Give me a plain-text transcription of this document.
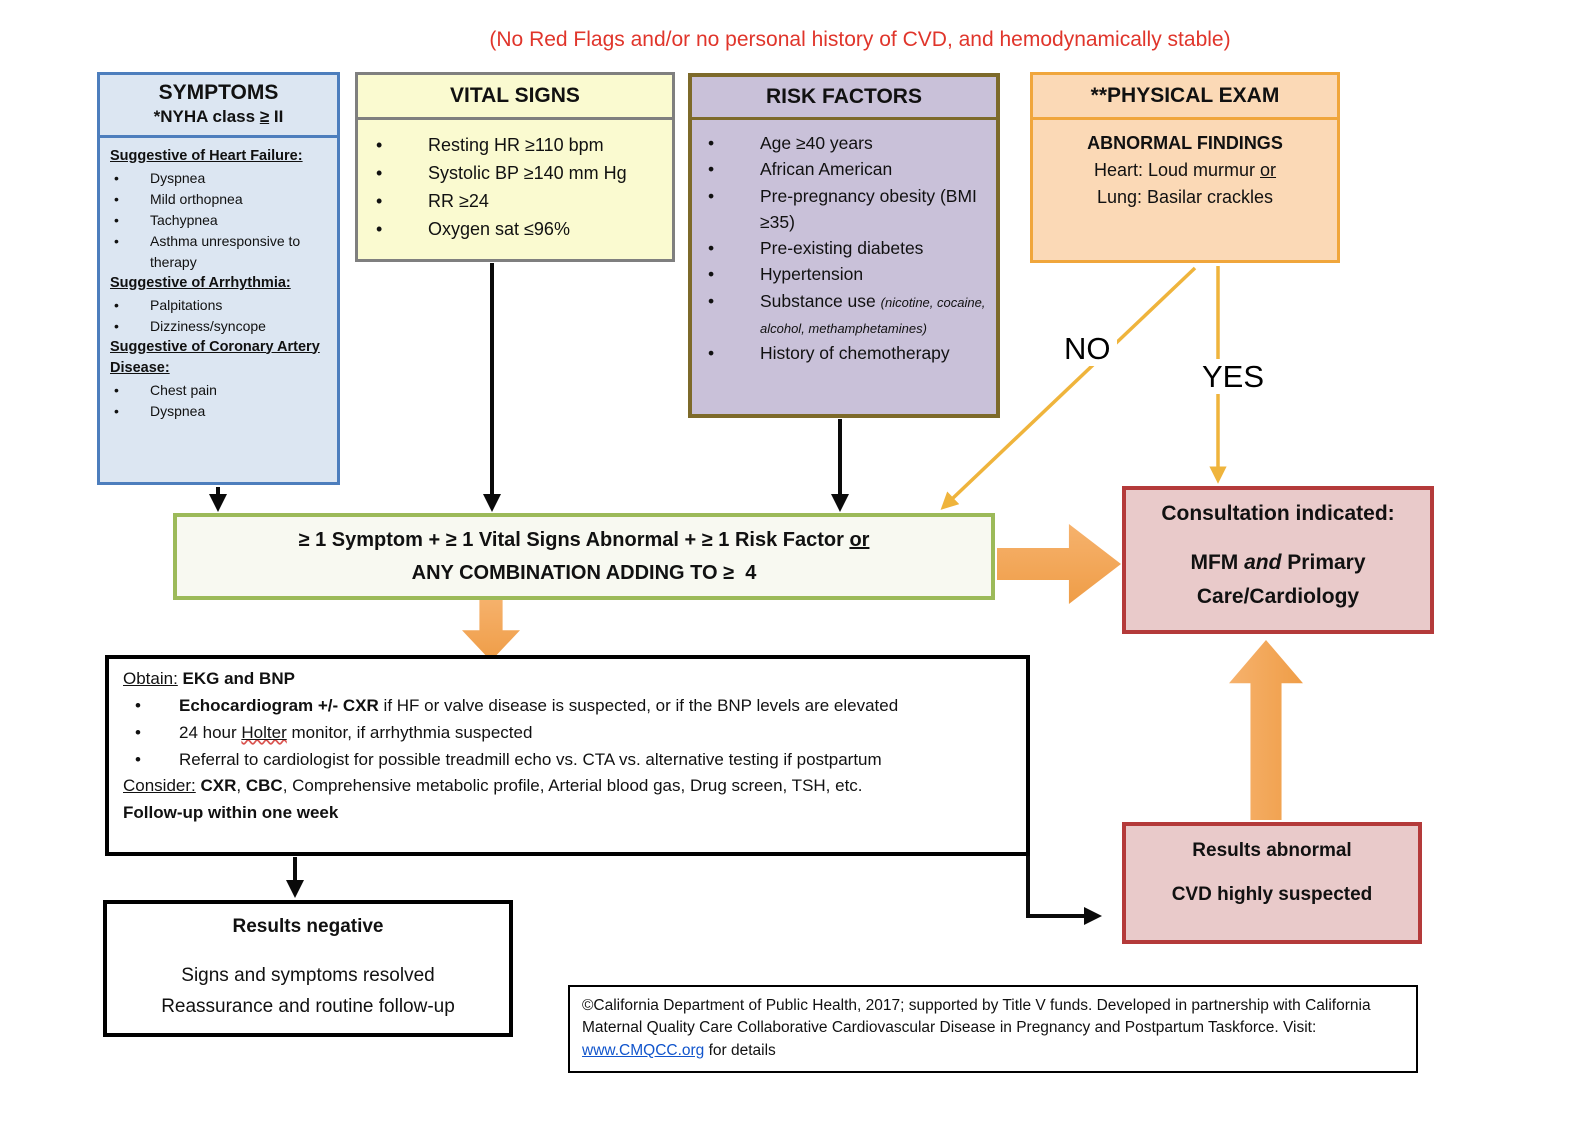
(No Red Flags and/or no personal history of CVD, and hemodynamically stable)
SYMPTOMS
*NYHA class ≥ II
Suggestive of Heart Failure:
•	Dyspnea
•	Mild orthopnea
•	Tachypnea
•	Asthma unresponsive to therapy
Suggestive of Arrhythmia:
•	Palpitations
•	Dizziness/syncope
Suggestive of Coronary Artery Disease:
•	Chest pain
•	Dyspnea
VITAL SIGNS
•	Resting HR ≥110 bpm
•	Systolic BP ≥140 mm Hg
•	RR ≥24
•	Oxygen sat ≤96%
RISK FACTORS
•	Age ≥40 years
•	African American
•	Pre-pregnancy obesity (BMI ≥35)
•	Pre-existing diabetes
•	Hypertension
•	Substance use (nicotine, cocaine, alcohol, methamphetamines)
•	History of chemotherapy
**PHYSICAL EXAM
ABNORMAL FINDINGS
Heart: Loud murmur or
Lung: Basilar crackles
≥ 1 Symptom + ≥ 1 Vital Signs Abnormal + ≥ 1 Risk Factor or
ANY COMBINATION ADDING TO ≥  4
Consultation indicated:
MFM and Primary
Care/Cardiology
Obtain: EKG and BNP
•	Echocardiogram +/- CXR if HF or valve disease is suspected, or if the BNP levels are elevated
•	24 hour Holter monitor, if arrhythmia suspected
•	Referral to cardiologist for possible treadmill echo vs. CTA vs. alternative testing if postpartum
Consider: CXR, CBC, Comprehensive metabolic profile, Arterial blood gas, Drug screen, TSH, etc.
Follow-up within one week
Results negative
Signs and symptoms resolved
Reassurance and routine follow-up
Results abnormal
CVD highly suspected
©California Department of Public Health, 2017; supported by Title V funds. Developed in partnership with California Maternal Quality Care Collaborative Cardiovascular Disease in Pregnancy and Postpartum Taskforce. Visit: www.CMQCC.org for details
NO
YES
